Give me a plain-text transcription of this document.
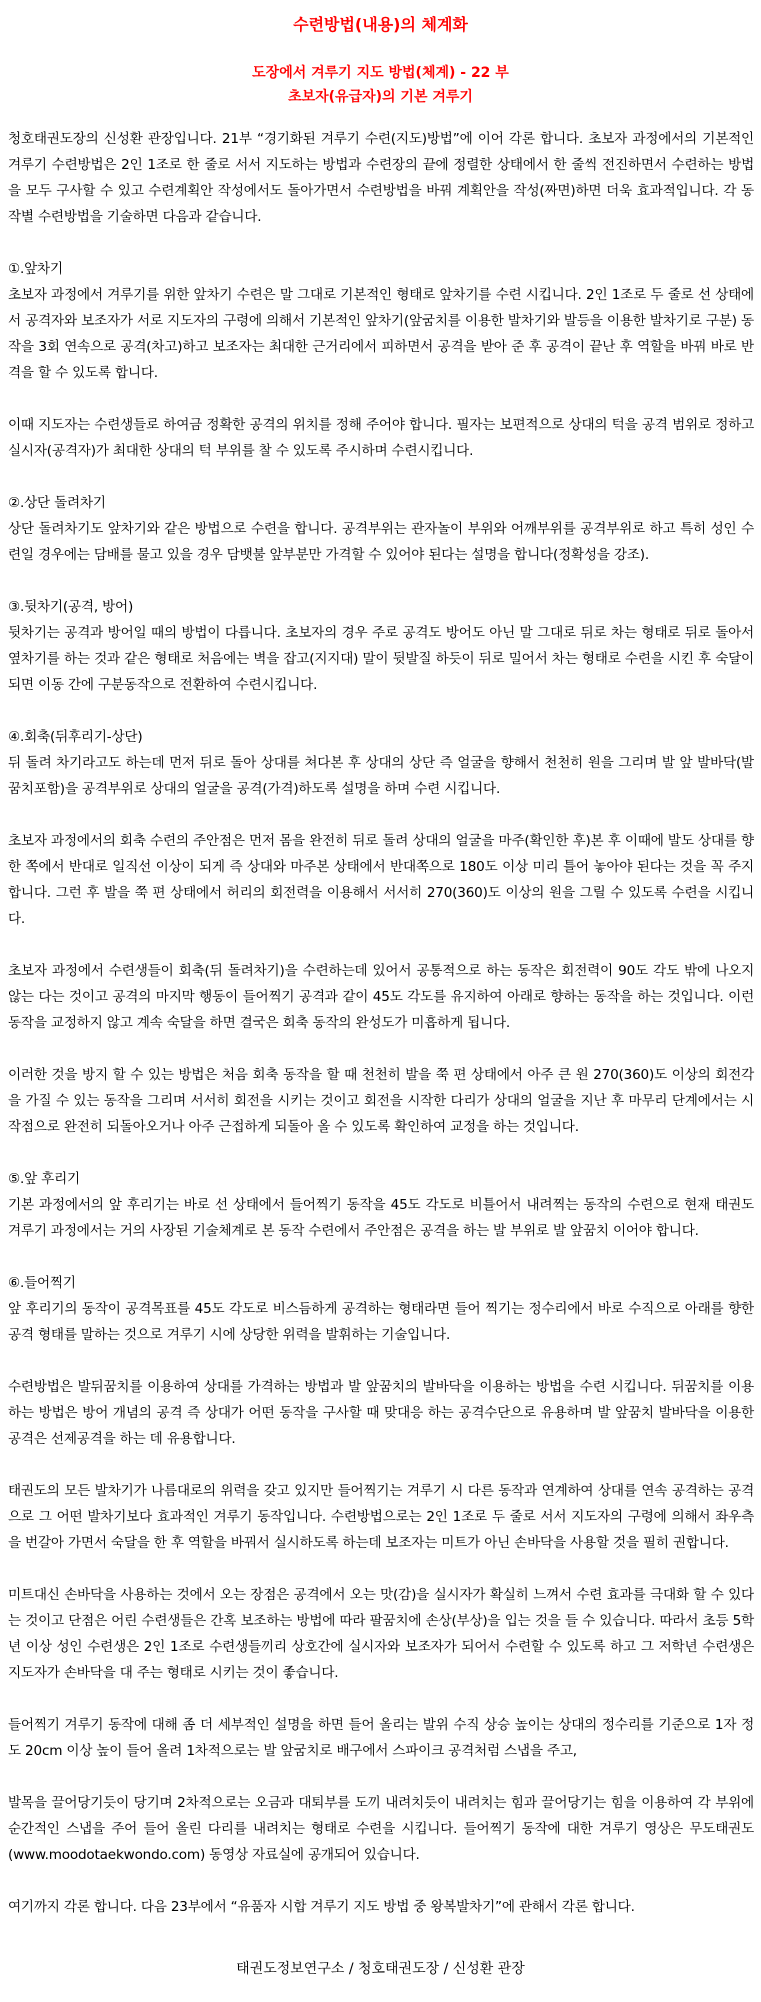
수련방법(내용)의 체계화
도장에서 겨루기 지도 방법(체계) - 22 부
초보자(유급자)의 기본 겨루기

청호태권도장의 신성환 관장입니다. 21부 “경기화된 겨루기 수련(지도)방법”에 이어 각론 합니다. 초보자 과정에서의 기본적인 겨루기 수련방법은 2인 1조로 한 줄로 서서 지도하는 방법과 수련장의 끝에 정렬한 상태에서 한 줄씩 전진하면서 수련하는 방법을 모두 구사할 수 있고 수련계획안 작성에서도 돌아가면서 수련방법을 바꿔 계획안을 작성(짜면)하면 더욱 효과적입니다. 각 동작별 수련방법을 기술하면 다음과 같습니다.

①.앞차기
초보자 과정에서 겨루기를 위한 앞차기 수련은 말 그대로 기본적인 형태로 앞차기를 수련 시킵니다. 2인 1조로 두 줄로 선 상태에서 공격자와 보조자가 서로 지도자의 구령에 의해서 기본적인 앞차기(앞굼치를 이용한 발차기와 발등을 이용한 발차기로 구분) 동작을 3회 연속으로 공격(차고)하고 보조자는 최대한 근거리에서 피하면서 공격을 받아 준 후 공격이 끝난 후 역할을 바꿔 바로 반격을 할 수 있도록 합니다.

이때 지도자는 수련생들로 하여금 정확한 공격의 위치를 정해 주어야 합니다. 필자는 보편적으로 상대의 턱을 공격 범위로 정하고 실시자(공격자)가 최대한 상대의 턱 부위를 찰 수 있도록 주시하며 수련시킵니다.

②.상단 돌려차기
상단 돌려차기도 앞차기와 같은 방법으로 수련을 합니다. 공격부위는 관자놀이 부위와 어깨부위를 공격부위로 하고 특히 성인 수련일 경우에는 담배를 물고 있을 경우 담뱃불 앞부분만 가격할 수 있어야 된다는 설명을 합니다(정확성을 강조).

③.뒷차기(공격, 방어)
뒷차기는 공격과 방어일 때의 방법이 다릅니다. 초보자의 경우 주로 공격도 방어도 아닌 말 그대로 뒤로 차는 형태로 뒤로 돌아서 옆차기를 하는 것과 같은 형태로 처음에는 벽을 잡고(지지대) 말이 뒷발질 하듯이 뒤로 밀어서 차는 형태로 수련을 시킨 후 숙달이 되면 이동 간에 구분동작으로 전환하여 수련시킵니다.

④.회축(뒤후리기-상단)
뒤 돌려 차기라고도 하는데 먼저 뒤로 돌아 상대를 쳐다본 후 상대의 상단 즉 얼굴을 향해서 천천히 원을 그리며 발 앞 발바닥(발꿈치포함)을 공격부위로 상대의 얼굴을 공격(가격)하도록 설명을 하며 수련 시킵니다.

초보자 과정에서의 회축 수련의 주안점은 먼저 몸을 완전히 뒤로 돌려 상대의 얼굴을 마주(확인한 후)본 후 이때에 발도 상대를 향한 쪽에서 반대로 일직선 이상이 되게 즉 상대와 마주본 상태에서 반대쪽으로 180도 이상 미리 틀어 놓아야 된다는 것을 꼭 주지합니다. 그런 후 발을 쭉 편 상태에서 허리의 회전력을 이용해서 서서히 270(360)도 이상의 원을 그릴 수 있도록 수련을 시킵니다.

초보자 과정에서 수련생들이 회축(뒤 돌려차기)을 수련하는데 있어서 공통적으로 하는 동작은 회전력이 90도 각도 밖에 나오지 않는 다는 것이고 공격의 마지막 행동이 들어찍기 공격과 같이 45도 각도를 유지하여 아래로 향하는 동작을 하는 것입니다. 이런 동작을 교정하지 않고 계속 숙달을 하면 결국은 회축 동작의 완성도가 미흡하게 됩니다.

이러한 것을 방지 할 수 있는 방법은 처음 회축 동작을 할 때 천천히 발을 쭉 편 상태에서 아주 큰 원 270(360)도 이상의 회전각을 가질 수 있는 동작을 그리며 서서히 회전을 시키는 것이고 회전을 시작한 다리가 상대의 얼굴을 지난 후 마무리 단계에서는 시작점으로 완전히 되돌아오거나 아주 근접하게 되돌아 올 수 있도록 확인하여 교정을 하는 것입니다.

⑤.앞 후리기
기본 과정에서의 앞 후리기는 바로 선 상태에서 들어찍기 동작을 45도 각도로 비틀어서 내려찍는 동작의 수련으로 현재 태권도 겨루기 과정에서는 거의 사장된 기술체계로 본 동작 수련에서 주안점은 공격을 하는 발 부위로 발 앞꿈치 이어야 합니다.

⑥.들어찍기
앞 후리기의 동작이 공격목표를 45도 각도로 비스듬하게 공격하는 형태라면 들어 찍기는 정수리에서 바로 수직으로 아래를 향한 공격 형태를 말하는 것으로 겨루기 시에 상당한 위력을 발휘하는 기술입니다.

수련방법은 발뒤꿈치를 이용하여 상대를 가격하는 방법과 발 앞꿈치의 발바닥을 이용하는 방법을 수련 시킵니다. 뒤꿈치를 이용하는 방법은 방어 개념의 공격 즉 상대가 어떤 동작을 구사할 때 맞대응 하는 공격수단으로 유용하며 발 앞꿈치 발바닥을 이용한 공격은 선제공격을 하는 데 유용합니다.

태권도의 모든 발차기가 나름대로의 위력을 갖고 있지만 들어찍기는 겨루기 시 다른 동작과 연계하여 상대를 연속 공격하는 공격으로 그 어떤 발차기보다 효과적인 겨루기 동작입니다. 수련방법으로는 2인 1조로 두 줄로 서서 지도자의 구령에 의해서 좌우측을 번갈아 가면서 숙달을 한 후 역할을 바꿔서 실시하도록 하는데 보조자는 미트가 아닌 손바닥을 사용할 것을 필히 권합니다.

미트대신 손바닥을 사용하는 것에서 오는 장점은 공격에서 오는 맛(감)을 실시자가 확실히 느껴서 수련 효과를 극대화 할 수 있다는 것이고 단점은 어린 수련생들은 간혹 보조하는 방법에 따라 팔꿈치에 손상(부상)을 입는 것을 들 수 있습니다. 따라서 초등 5학년 이상 성인 수련생은 2인 1조로 수련생들끼리 상호간에 실시자와 보조자가 되어서 수련할 수 있도록 하고 그 저학년 수련생은 지도자가 손바닥을 대 주는 형태로 시키는 것이 좋습니다.

들어찍기 겨루기 동작에 대해 좀 더 세부적인 설명을 하면 들어 올리는 발위 수직 상승 높이는 상대의 정수리를 기준으로 1자 정도 20cm 이상 높이 들어 올려 1차적으로는 발 앞굼치로 배구에서 스파이크 공격처럼 스냅을 주고,

발목을 끌어당기듯이 당기며 2차적으로는 오금과 대퇴부를 도끼 내려치듯이 내려치는 힘과 끌어당기는 힘을 이용하여 각 부위에 순간적인 스냅을 주어 들어 올린 다리를 내려치는 형태로 수련을 시킵니다. 들어찍기 동작에 대한 겨루기 영상은 무도태권도(www.moodotaekwondo.com) 동영상 자료실에 공개되어 있습니다.

여기까지 각론 합니다. 다음 23부에서 “유품자 시합 겨루기 지도 방법 중 왕복발차기”에 관해서 각론 합니다.

태권도정보연구소 / 청호태권도장 / 신성환 관장
